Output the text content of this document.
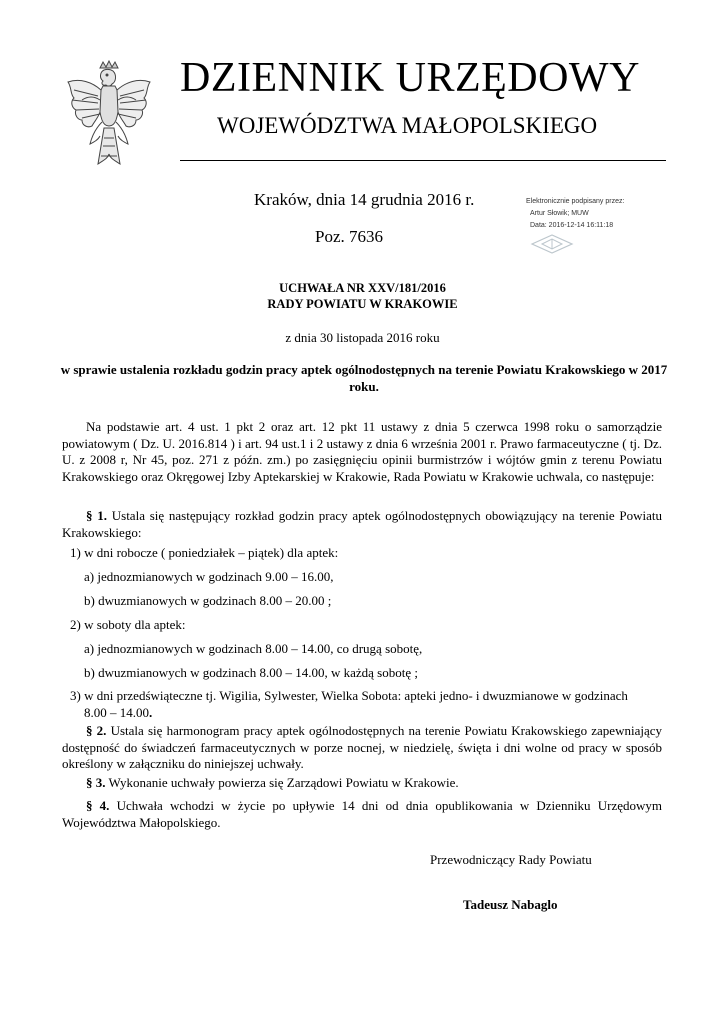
DZIENNIK URZĘDOWY
WOJEWÓDZTWA MAŁOPOLSKIEGO
Kraków, dnia 14 grudnia 2016 r.
Poz. 7636
Elektronicznie podpisany przez:
Artur Słowik; MUW
Data: 2016-12-14 16:11:18
UCHWAŁA NR XXV/181/2016
RADY POWIATU W KRAKOWIE
z dnia 30 listopada 2016 roku
w sprawie ustalenia rozkładu godzin pracy aptek ogólnodostępnych na terenie Powiatu Krakowskiego w 2017 roku.
Na podstawie art. 4 ust. 1 pkt 2 oraz art. 12 pkt 11 ustawy z dnia 5 czerwca 1998 roku o samorządzie powiatowym ( Dz. U. 2016.814 ) i art. 94 ust.1 i 2 ustawy z dnia 6 września 2001 r. Prawo farmaceutyczne ( tj. Dz. U. z 2008 r, Nr 45, poz. 271 z późn. zm.) po zasięgnięciu opinii burmistrzów i wójtów gmin z terenu Powiatu Krakowskiego oraz Okręgowej Izby Aptekarskiej w Krakowie, Rada Powiatu w Krakowie uchwala, co następuje:
§ 1. Ustala się następujący rozkład godzin pracy aptek ogólnodostępnych obowiązujący na terenie Powiatu Krakowskiego:
1) w dni robocze ( poniedziałek – piątek) dla aptek:
a) jednozmianowych w godzinach 9.00 – 16.00,
b) dwuzmianowych w godzinach 8.00 – 20.00 ;
2) w soboty dla aptek:
a) jednozmianowych w godzinach 8.00 – 14.00, co drugą sobotę,
b) dwuzmianowych w godzinach 8.00 – 14.00, w każdą sobotę ;
3) w dni przedświąteczne tj. Wigilia, Sylwester, Wielka Sobota: apteki jedno- i dwuzmianowe w godzinach
8.00 – 14.00.
§ 2. Ustala się harmonogram pracy aptek ogólnodostępnych na terenie Powiatu Krakowskiego zapewniający dostępność do świadczeń farmaceutycznych w porze nocnej, w niedzielę, święta i dni wolne od pracy w sposób określony w załączniku do niniejszej uchwały.
§ 3. Wykonanie uchwały powierza się Zarządowi Powiatu w Krakowie.
§ 4. Uchwała wchodzi w życie po upływie 14 dni od dnia opublikowania w Dzienniku Urzędowym Województwa Małopolskiego.
Przewodniczący Rady Powiatu
Tadeusz Nabaglo
